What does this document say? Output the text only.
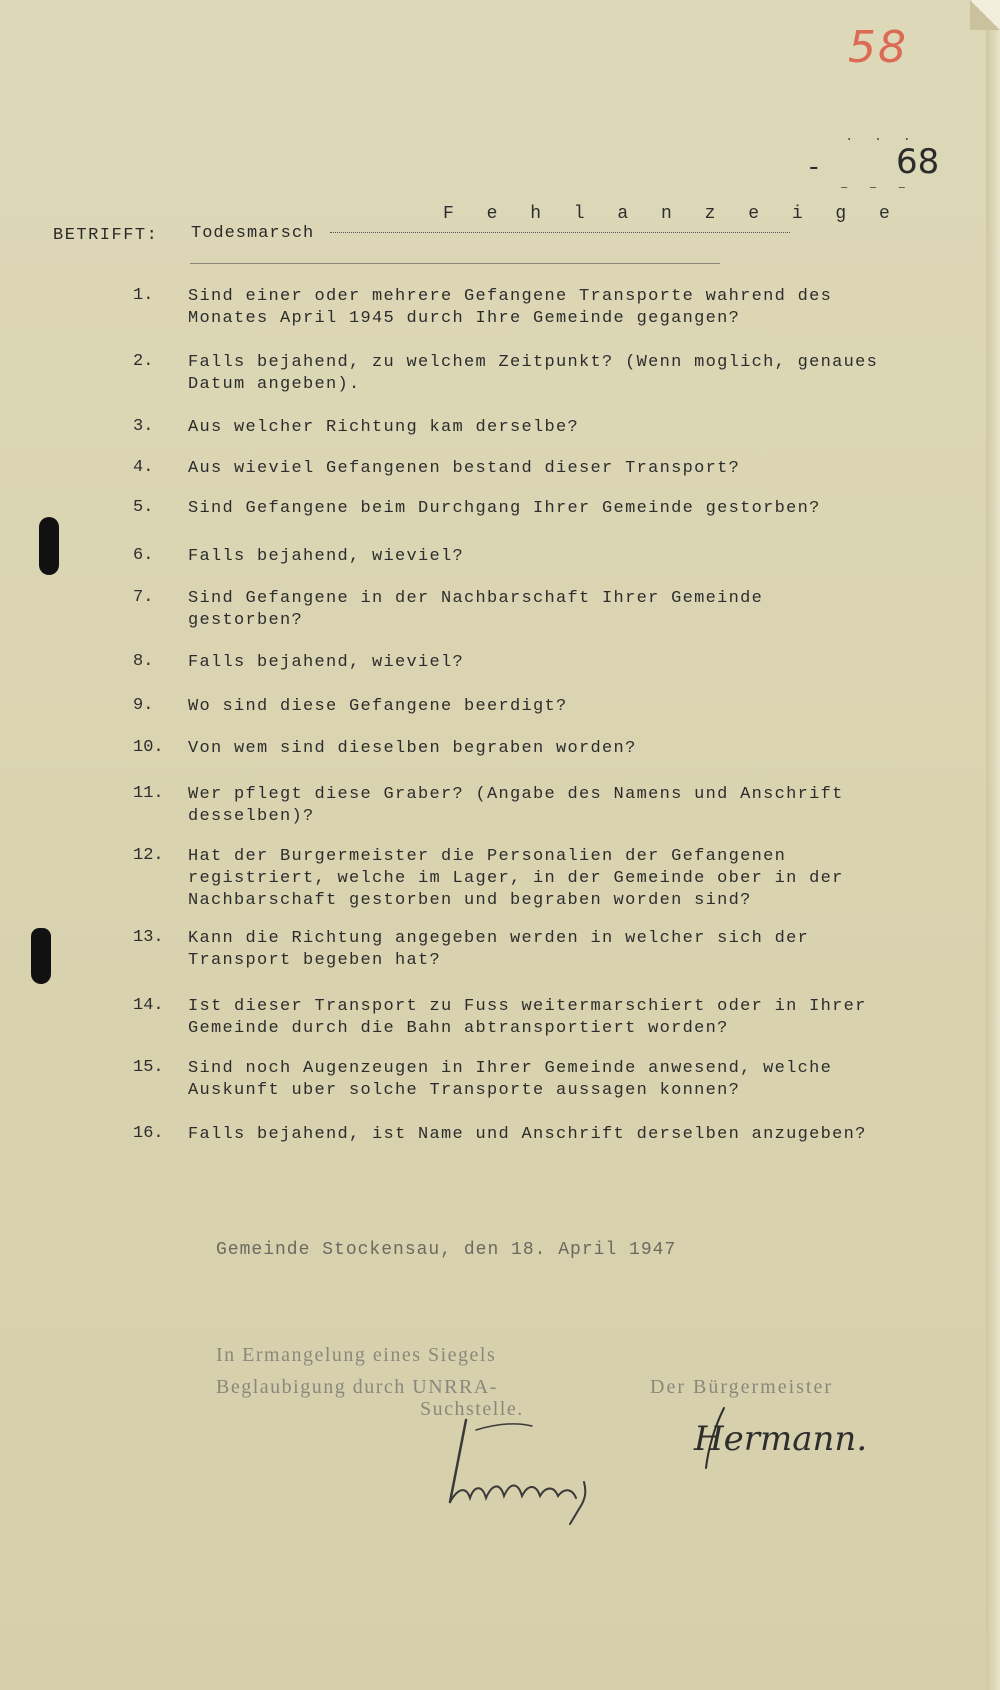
58
· · ·
- 68
– – –
F e h l a n z e i g e
BETRIFFT: Todesmarsch
1. Sind einer oder mehrere Gefangene Transporte wahrend des Monates April 1945 durch Ihre Gemeinde gegangen?
2. Falls bejahend, zu welchem Zeitpunkt? (Wenn moglich, genaues Datum angeben).
3. Aus welcher Richtung kam derselbe?
4. Aus wieviel Gefangenen bestand dieser Transport?
5. Sind Gefangene beim Durchgang Ihrer Gemeinde gestorben?
6. Falls bejahend, wieviel?
7. Sind Gefangene in der Nachbarschaft Ihrer Gemeinde gestorben?
8. Falls bejahend, wieviel?
9. Wo sind diese Gefangene beerdigt?
10. Von wem sind dieselben begraben worden?
11. Wer pflegt diese Graber? (Angabe des Namens und Anschrift desselben)?
12. Hat der Burgermeister die Personalien der Gefangenen registriert, welche im Lager, in der Gemeinde ober in der Nachbarschaft gestorben und begraben worden sind?
13. Kann die Richtung angegeben werden in welcher sich der Transport begeben hat?
14. Ist dieser Transport zu Fuss weitermarschiert oder in Ihrer Gemeinde durch die Bahn abtransportiert worden?
15. Sind noch Augenzeugen in Ihrer Gemeinde anwesend, welche Auskunft uber solche Transporte aussagen konnen?
16. Falls bejahend, ist Name und Anschrift derselben anzugeben?
Gemeinde Stockensau, den 18. April 1947
In Ermangelung eines Siegels
Beglaubigung durch UNRRA-
Suchstelle.
Der Bürgermeister
Hermann.
